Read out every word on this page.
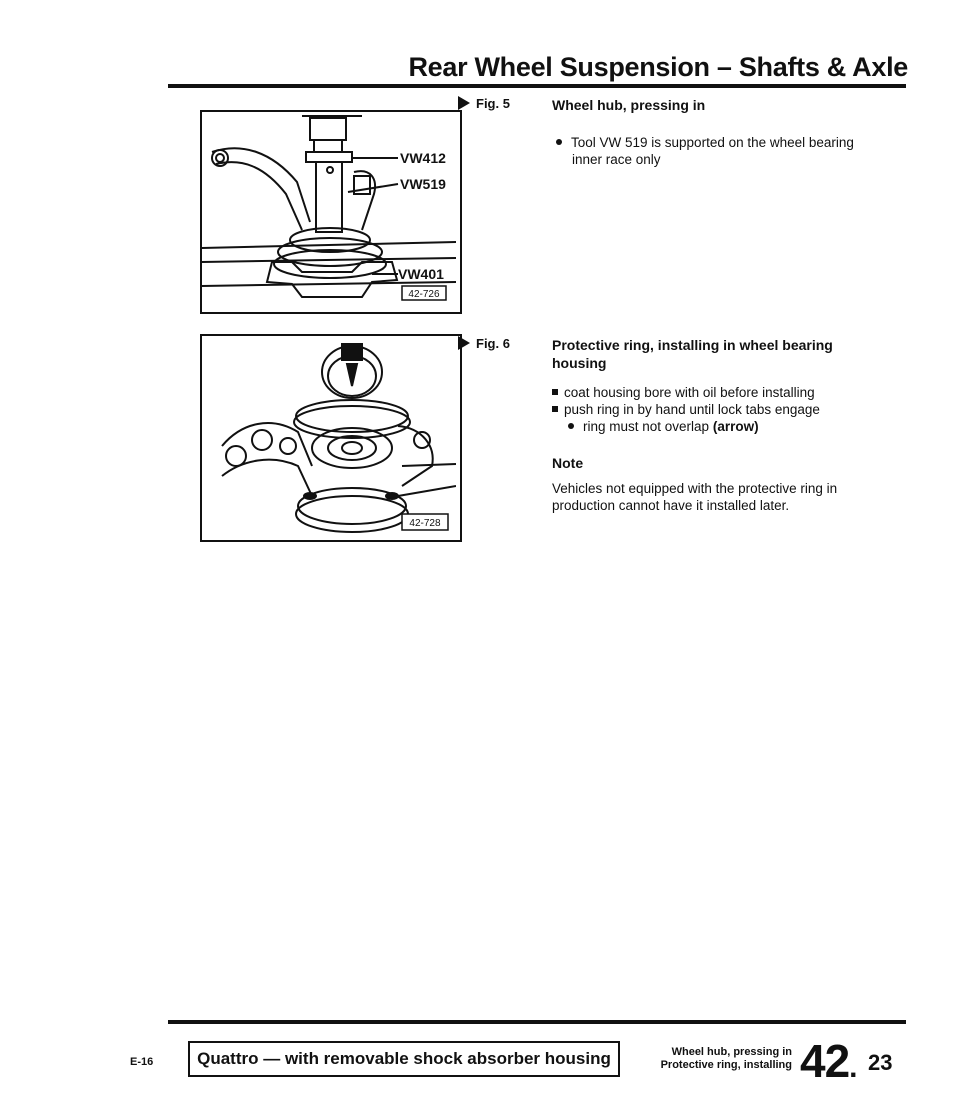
Rear Wheel Suspension – Shafts & Axle
VW412
VW519
VW401
42-726
Fig. 5	Wheel hub, pressing in
Tool VW 519 is supported on the wheel bearing inner race only
42-728
Fig. 6	Protective ring, installing in wheel bearing housing
coat housing bore with oil before installing
push ring in by hand until lock tabs engage
ring must not overlap (arrow)
Note
Vehicles not equipped with the protective ring in production cannot have it installed later.
E-16	Quattro — with removable shock absorber housing	Wheel hub, pressing in
Protective ring, installing 42. 23
